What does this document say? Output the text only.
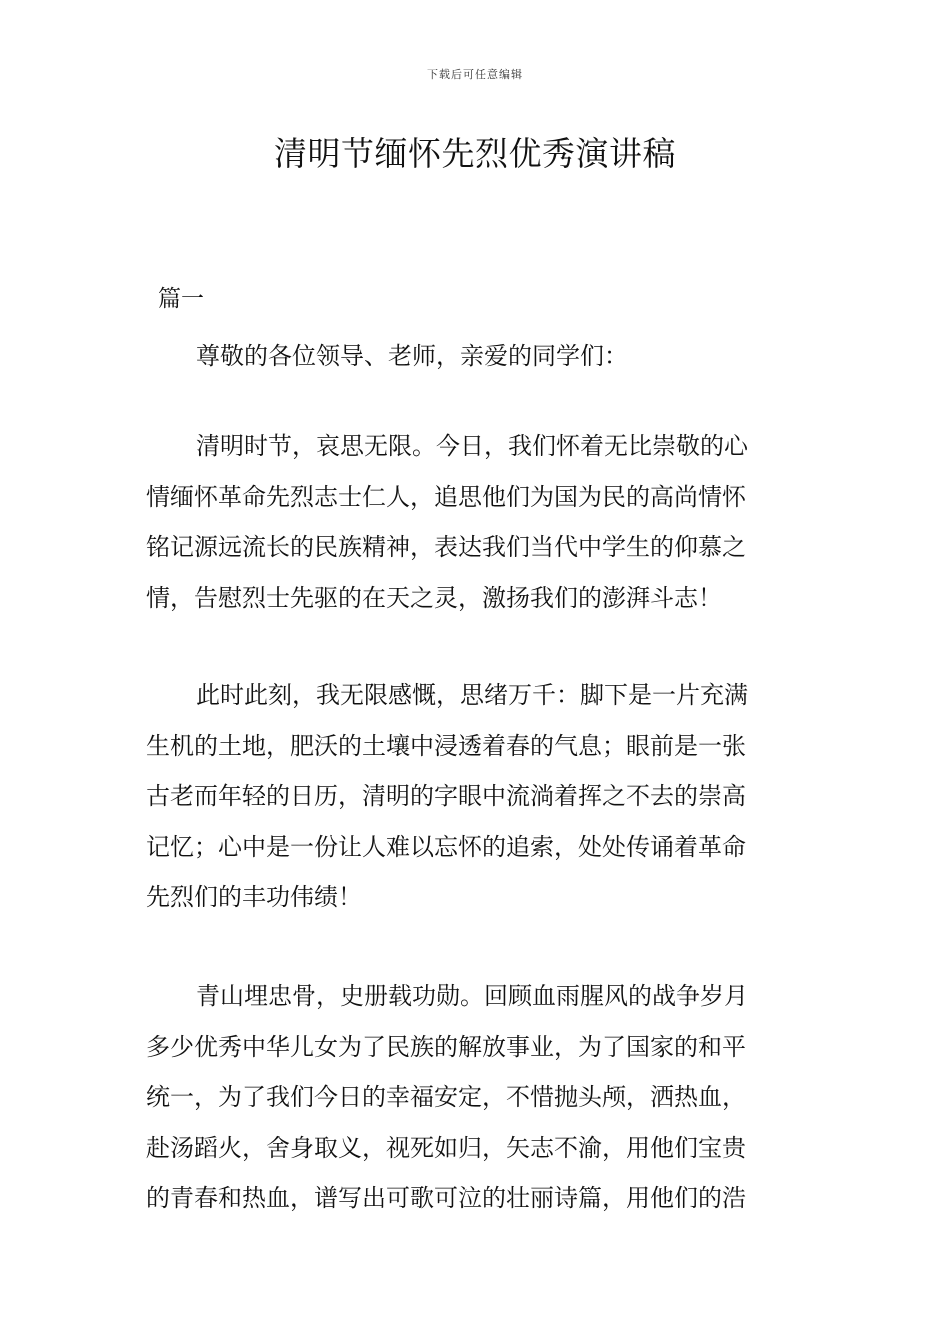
下载后可任意编辑
清明节缅怀先烈优秀演讲稿
篇一
尊敬的各位领导、老师，亲爱的同学们：
清明时节，哀思无限。今日，我们怀着无比崇敬的心
情缅怀革命先烈志士仁人，追思他们为国为民的高尚情怀
铭记源远流长的民族精神，表达我们当代中学生的仰慕之
情，告慰烈士先驱的在天之灵，激扬我们的澎湃斗志！
此时此刻，我无限感慨，思绪万千：脚下是一片充满
生机的土地，肥沃的土壤中浸透着春的气息；眼前是一张
古老而年轻的日历，清明的字眼中流淌着挥之不去的崇高
记忆；心中是一份让人难以忘怀的追索，处处传诵着革命
先烈们的丰功伟绩！
青山埋忠骨，史册载功勋。回顾血雨腥风的战争岁月
多少优秀中华儿女为了民族的解放事业，为了国家的和平
统一，为了我们今日的幸福安定，不惜抛头颅，洒热血，
赴汤蹈火，舍身取义，视死如归，矢志不渝，用他们宝贵
的青春和热血，谱写出可歌可泣的壮丽诗篇，用他们的浩
